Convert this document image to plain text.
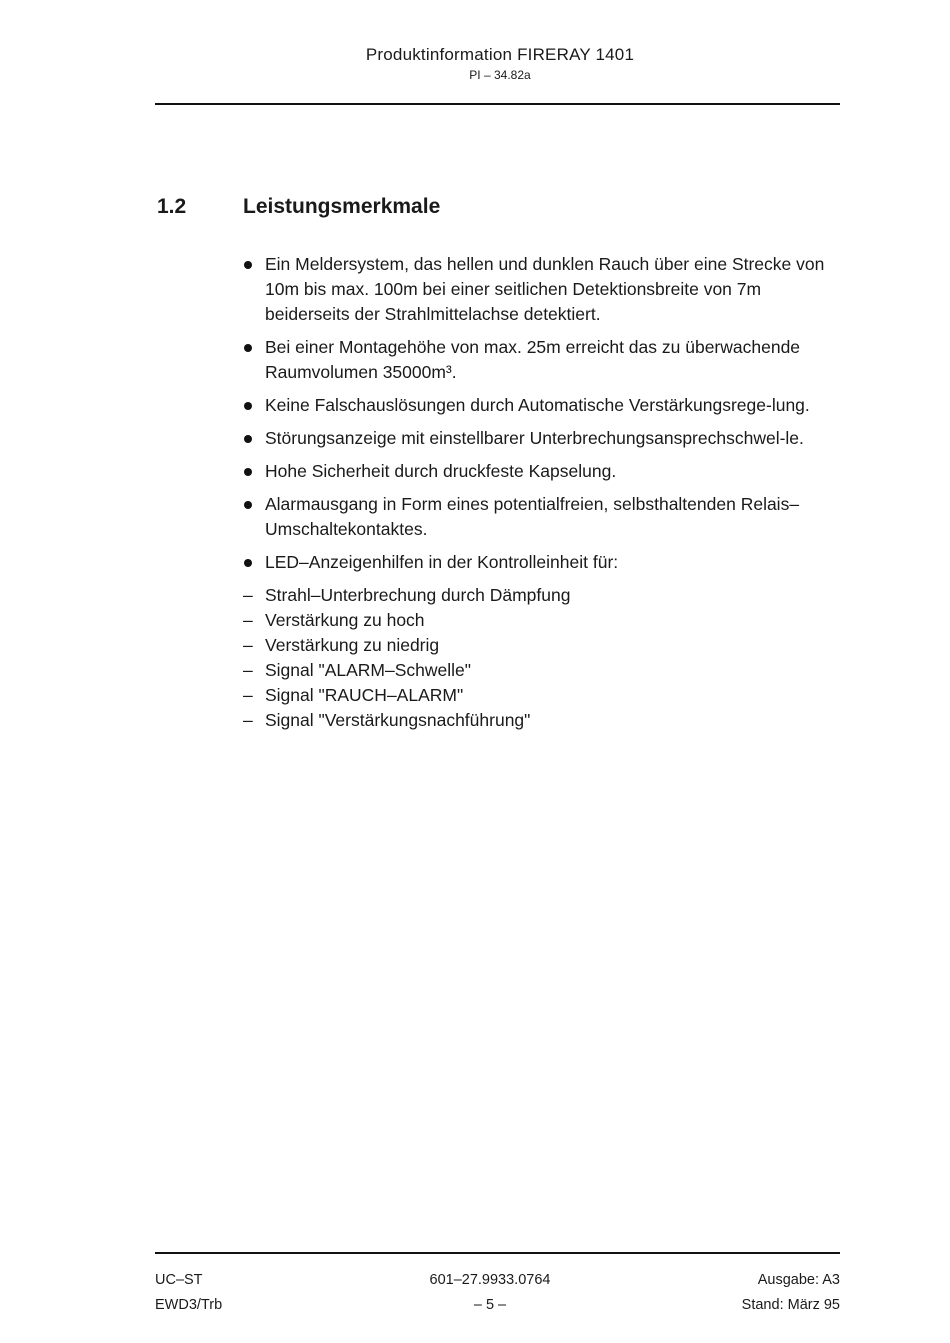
Produktinformation FIRERAY 1401
PI – 34.82a
1.2	Leistungsmerkmale
Ein Meldersystem, das hellen und dunklen Rauch über eine Strecke von 10m bis max. 100m bei einer seitlichen Detektionsbreite von 7m beiderseits der Strahlmittelachse detektiert.
Bei einer Montagehöhe von max. 25m erreicht das zu überwachende Raumvolumen 35000m³.
Keine Falschauslösungen durch Automatische Verstärkungsrege-lung.
Störungsanzeige mit einstellbarer Unterbrechungsansprechschwel-le.
Hohe Sicherheit durch druckfeste Kapselung.
Alarmausgang in Form eines potentialfreien, selbsthaltenden Relais–Umschaltekontaktes.
LED–Anzeigenhilfen in der Kontrolleinheit für:
– Strahl–Unterbrechung durch Dämpfung
– Verstärkung zu hoch
– Verstärkung zu niedrig
– Signal "ALARM–Schwelle"
– Signal "RAUCH–ALARM"
– Signal "Verstärkungsnachführung"
UC–ST
EWD3/Trb
601–27.9933.0764
– 5 –
Ausgabe: A3
Stand: März 95
